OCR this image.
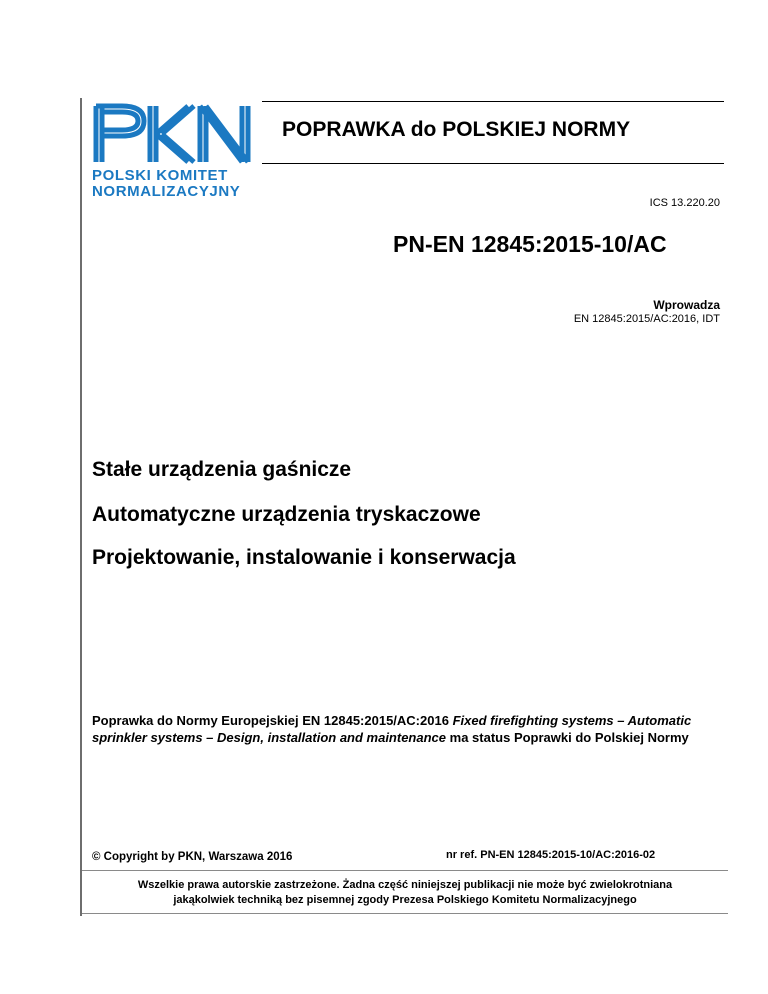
POLSKI KOMITET
NORMALIZACYJNY
POPRAWKA do POLSKIEJ NORMY
ICS 13.220.20
PN-EN 12845:2015-10/AC
Wprowadza
EN 12845:2015/AC:2016, IDT
Stałe urządzenia gaśnicze
Automatyczne urządzenia tryskaczowe
Projektowanie, instalowanie i konserwacja
Poprawka do Normy Europejskiej EN 12845:2015/AC:2016 Fixed firefighting systems – Automatic sprinkler systems – Design, installation and maintenance ma status Poprawki do Polskiej Normy
© Copyright by PKN, Warszawa 2016	nr ref. PN-EN 12845:2015-10/AC:2016-02
Wszelkie prawa autorskie zastrzeżone. Żadna część niniejszej publikacji nie może być zwielokrotniana
jakąkolwiek techniką bez pisemnej zgody Prezesa Polskiego Komitetu Normalizacyjnego
